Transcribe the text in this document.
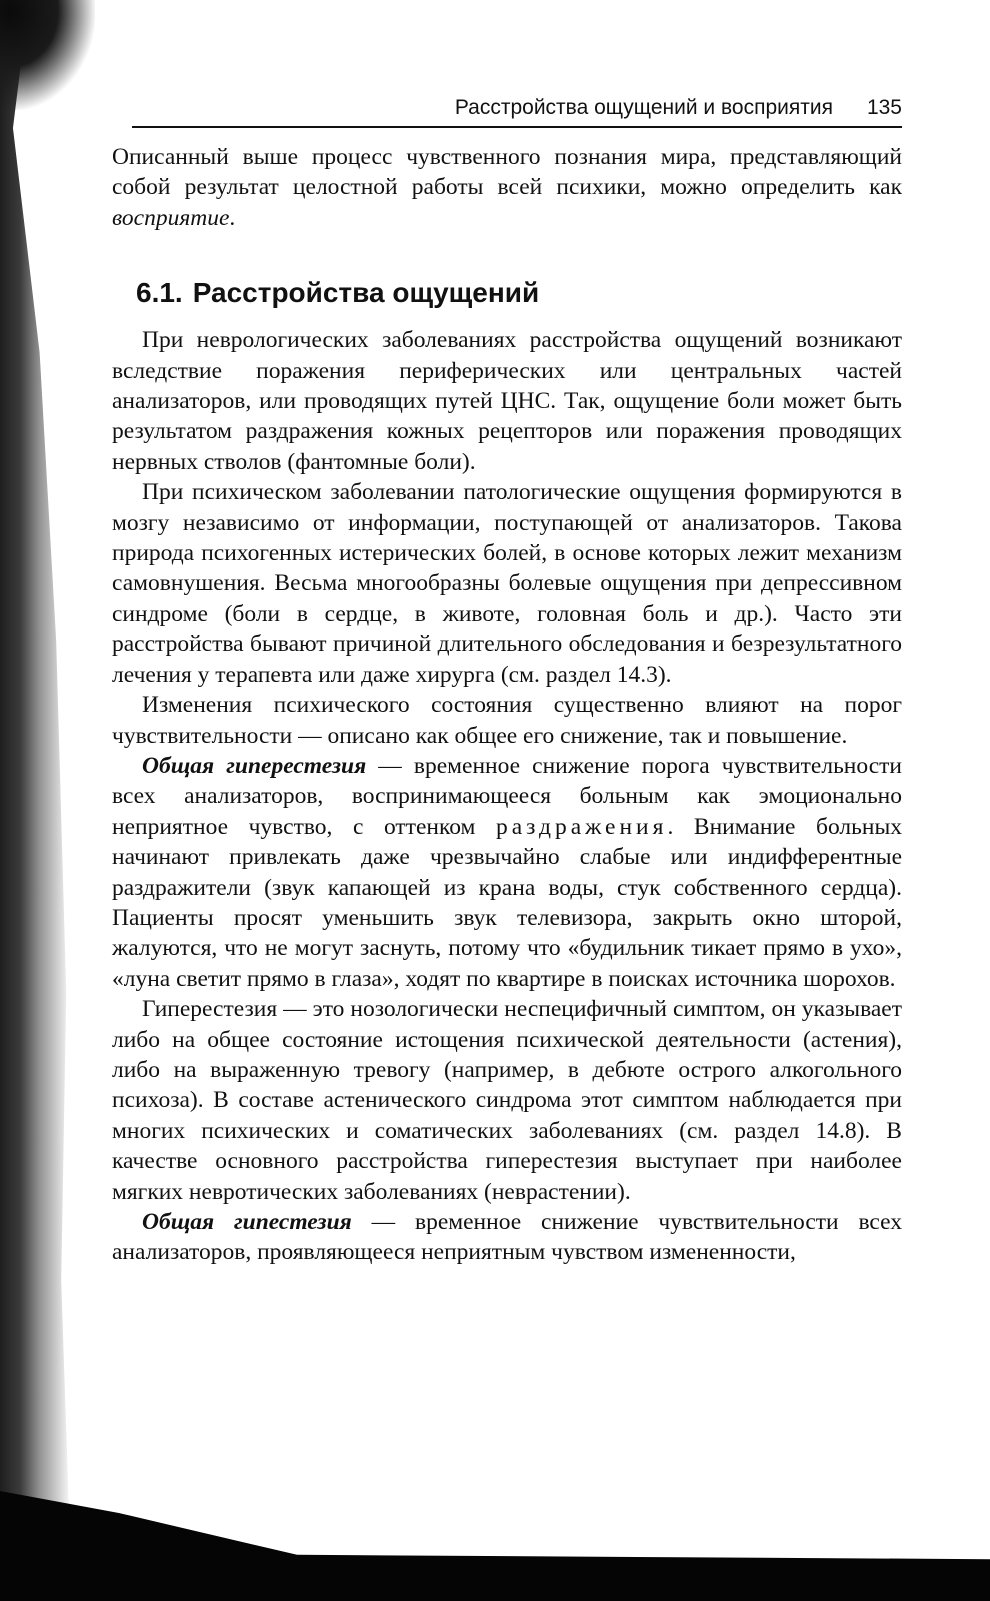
Расстройства ощущений и восприятия 135

Описанный выше процесс чувственного познания мира, представляющий собой результат целостной работы всей психики, можно определить как восприятие.

6.1. Расстройства ощущений

При неврологических заболеваниях расстройства ощущений возникают вследствие поражения периферических или центральных частей анализаторов, или проводящих путей ЦНС. Так, ощущение боли может быть результатом раздражения кожных рецепторов или поражения проводящих нервных стволов (фантомные боли).

При психическом заболевании патологические ощущения формируются в мозгу независимо от информации, поступающей от анализаторов. Такова природа психогенных истерических болей, в основе которых лежит механизм самовнушения. Весьма многообразны болевые ощущения при депрессивном синдроме (боли в сердце, в животе, головная боль и др.). Часто эти расстройства бывают причиной длительного обследования и безрезультатного лечения у терапевта или даже хирурга (см. раздел 14.3).

Изменения психического состояния существенно влияют на порог чувствительности — описано как общее его снижение, так и повышение.

Общая гиперестезия — временное снижение порога чувствительности всех анализаторов, воспринимающееся больным как эмоционально неприятное чувство, с оттенком раздражения. Внимание больных начинают привлекать даже чрезвычайно слабые или индифферентные раздражители (звук капающей из крана воды, стук собственного сердца). Пациенты просят уменьшить звук телевизора, закрыть окно шторой, жалуются, что не могут заснуть, потому что «будильник тикает прямо в ухо», «луна светит прямо в глаза», ходят по квартире в поисках источника шорохов.

Гиперестезия — это нозологически неспецифичный симптом, он указывает либо на общее состояние истощения психической деятельности (астения), либо на выраженную тревогу (например, в дебюте острого алкогольного психоза). В составе астенического синдрома этот симптом наблюдается при многих психических и соматических заболеваниях (см. раздел 14.8). В качестве основного расстройства гиперестезия выступает при наиболее мягких невротических заболеваниях (неврастении).

Общая гипестезия — временное снижение чувствительности всех анализаторов, проявляющееся неприятным чувством измененности,
